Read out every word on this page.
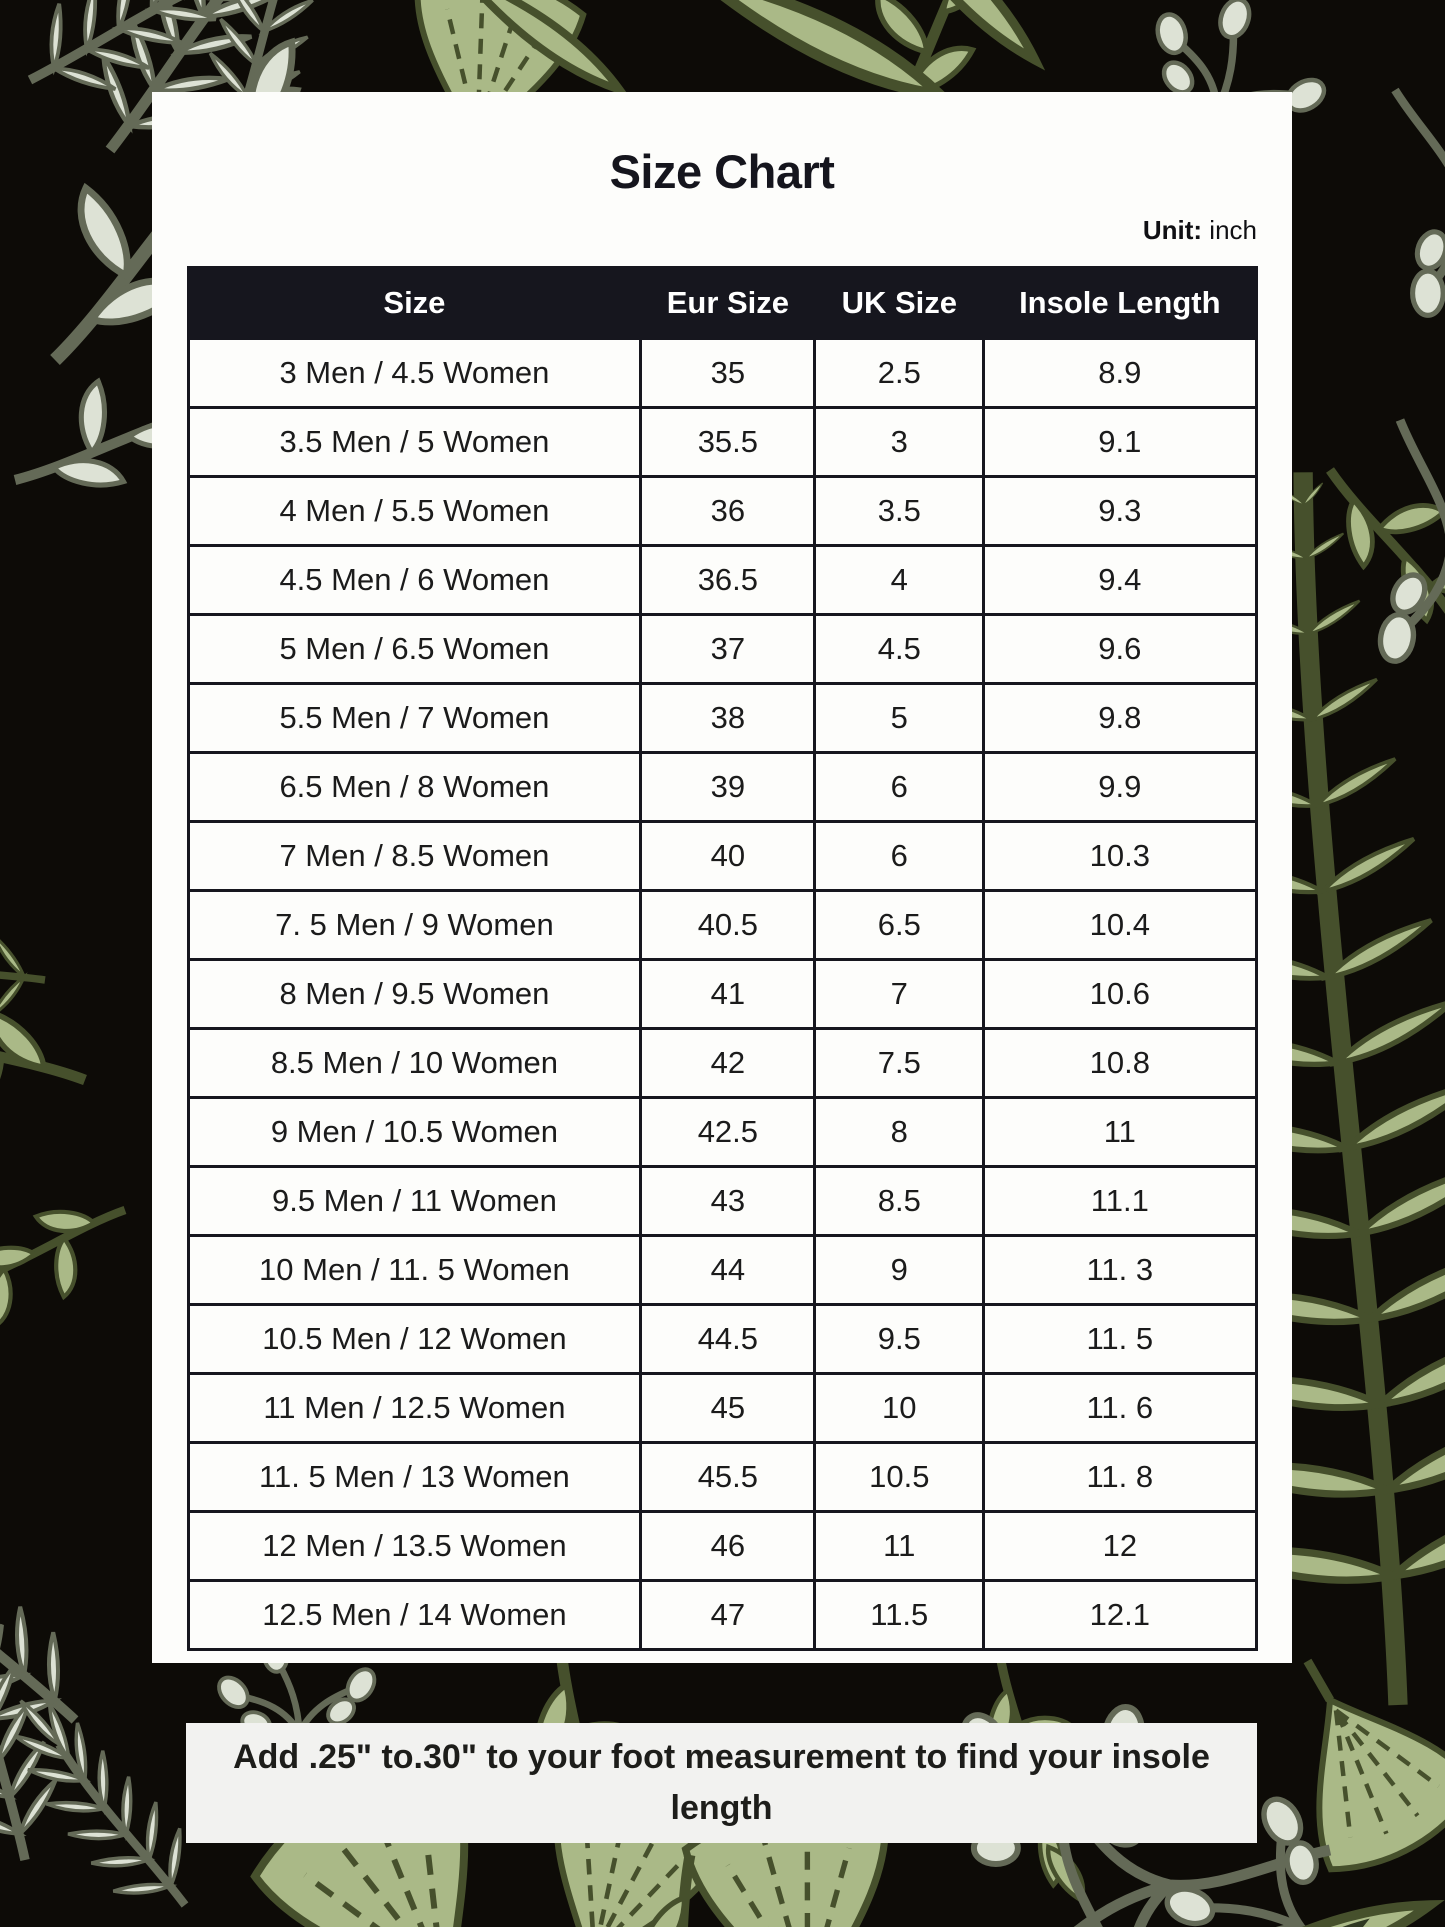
Size Chart
Unit: inch
Size	Eur Size	UK Size	Insole Length
3 Men / 4.5 Women	35	2.5	8.9
3.5 Men / 5 Women	35.5	3	9.1
4 Men / 5.5 Women	36	3.5	9.3
4.5 Men / 6 Women	36.5	4	9.4
5 Men / 6.5 Women	37	4.5	9.6
5.5 Men / 7 Women	38	5	9.8
6.5 Men / 8 Women	39	6	9.9
7 Men / 8.5 Women	40	6	10.3
7. 5 Men / 9 Women	40.5	6.5	10.4
8 Men / 9.5 Women	41	7	10.6
8.5 Men / 10 Women	42	7.5	10.8
9 Men / 10.5 Women	42.5	8	11
9.5 Men / 11 Women	43	8.5	11.1
10 Men / 11. 5 Women	44	9	11. 3
10.5 Men / 12 Women	44.5	9.5	11. 5
11 Men / 12.5 Women	45	10	11. 6
11. 5 Men / 13 Women	45.5	10.5	11. 8
12 Men / 13.5 Women	46	11	12
12.5 Men / 14 Women	47	11.5	12.1

Add .25" to.30" to your foot measurement to find your insole length
